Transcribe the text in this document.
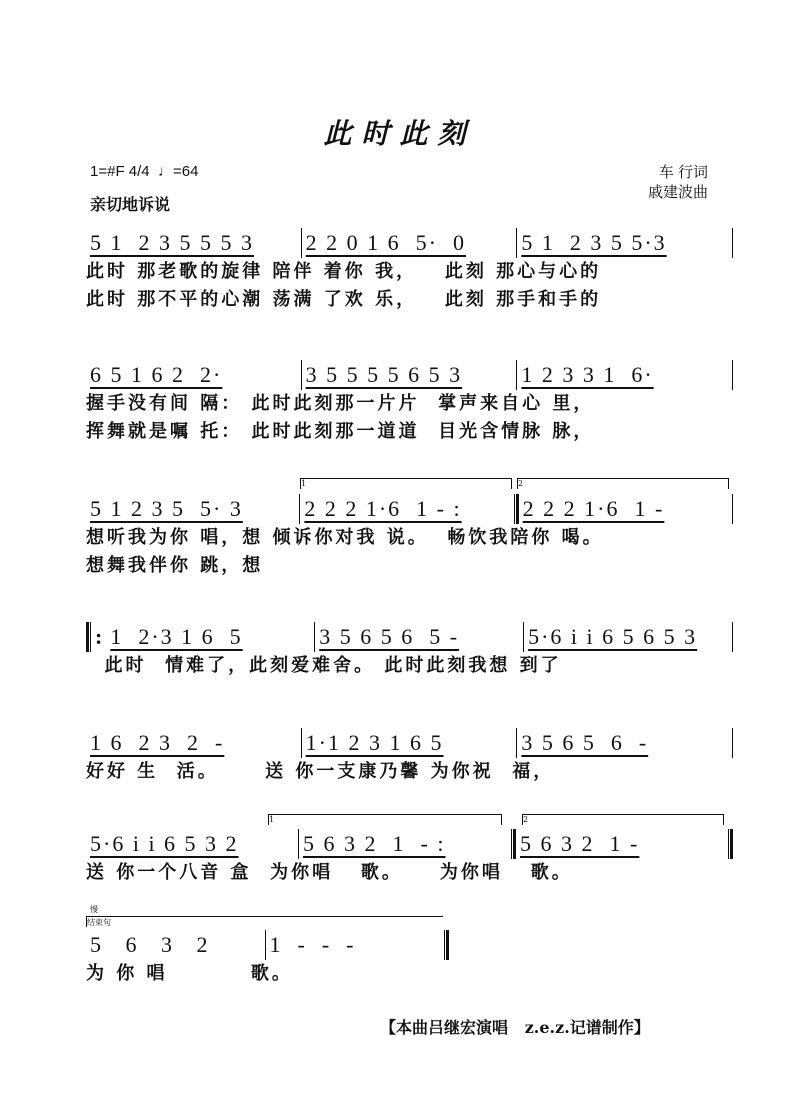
此时此刻
1=#F 4/4 ♩=64
亲切地诉说
车 行词
戚建波曲
5 1  2 3 5 5 5 3	2 2 0 1 6  5·  0	5 1  2 3 5 5·3
此时 那老歌的旋律 陪伴 着你 我，   此刻 那心与心的
此时 那不平的心潮 荡满 了欢 乐，   此刻 那手和手的
6 5 1 6 2  2·	3 5 5 5 5 6 5 3	1 2 3 3 1  6·
握手没有间 隔： 此时此刻那一片片  掌声来自心 里，
挥舞就是嘱 托： 此时此刻那一道道  目光含情脉 脉，
1	2
5 1 2 3 5  5· 3	2 2 2 1·6  1 - :	2 2 2 1·6  1 -
想听我为你 唱，想 倾诉你对我 说。  畅饮我陪你 喝。
想舞我伴你 跳，想
: 1  2·3 1 6  5	3 5 6 5 6  5 -	5·6 i i 6 5 6 5 3
此时  情难了，此刻爱难舍。 此时此刻我想 到了
1 6  2 3  2  -	1·1 2 3 1 6 5	3 5 6 5  6  -
好好 生  活。     送 你一支康乃馨 为你祝  福，
1	2
5·6 i i 6 5 3 2	5 6 3 2  1  - :	5 6 3 2  1 -
送 你一个八音 盒  为你唱   歌。    为你唱   歌。
慢
结束句
5   6   3   2	1  -  -  -
为 你 唱         歌。
【本曲吕继宏演唱   z.e.z.记谱制作】
